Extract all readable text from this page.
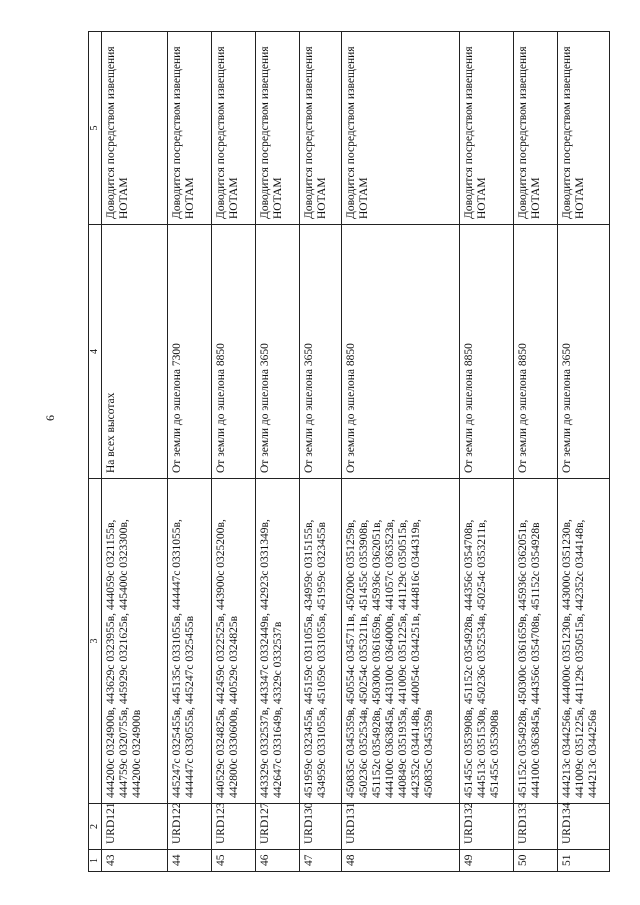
6
1	2	3	4	5
43	URD121	444200с 0324900в, 443629с 0323955в, 444059с 0321155в, 444759с 0320755в, 445929с 0321625в, 445400с 0323300в, 444200с 0324900в	На всех высотах	Доводится посредством извещения НОТАМ
44	URD122	445247с 0325455в, 445135с 0331055в, 444447с 0331055в, 444447с 0330555в, 445247с 0325455в	От земли до эшелона 7300	Доводится посредством извещения НОТАМ
45	URD123	440529с 0324825в, 442459с 0322525в, 443900с 0325200в, 442800с 0330600в, 440529с 0324825в	От земли до эшелона 8850	Доводится посредством извещения НОТАМ
46	URD127	443329с 0332537в, 443347с 0332449в, 442923с 0331349в, 442647с 0331649в, 43329с 0332537в	От земли до эшелона 3650	Доводится посредством извещения НОТАМ
47	URD130	451959с 0323455в, 445159с 0311055в, 434959с 0315155в, 434959с 0331055в, 451059с 0331055в, 451959с 0323455в	От земли до эшелона 3650	Доводится посредством извещения НОТАМ
48	URD131	450835с 0345359в, 450554с 0345711в, 450200с 0351259в, 450236с 0352534в, 450254с 0353211в, 451455с 0353908в, 451152с 0354928в, 450300с 0361659в, 445936с 0362051в, 444100с 0363845в, 443100с 0364000в, 441057с 0363523в, 440849с 0351935в, 441009с 0351225в, 441129с 0350515в, 442352с 0344148в, 440054с 0344251в, 444816с 0344319в, 450835с 0345359в	От земли до эшелона 8850	Доводится посредством извещения НОТАМ
49	URD132	451455с 0353908в, 451152с 0354928в, 444356с 0354708в, 444513с 0351530в, 450236с 0352534в, 450254с 0353211в, 451455с 0353908в	От земли до эшелона 8850	Доводится посредством извещения НОТАМ
50	URD133	451152с 0354928в, 450300с 0361659в, 445936с 0362051в, 444100с 0363845в, 444356с 0354708в, 451152с 0354928в	От земли до эшелона 8850	Доводится посредством извещения НОТАМ
51	URD134	444213с 0344256в, 444000с 0351230в, 443000с 0351230в, 441009с 0351225в, 441129с 0350515в, 442352с 0344148в, 444213с 0344256в	От земли до эшелона 3650	Доводится посредством извещения НОТАМ
